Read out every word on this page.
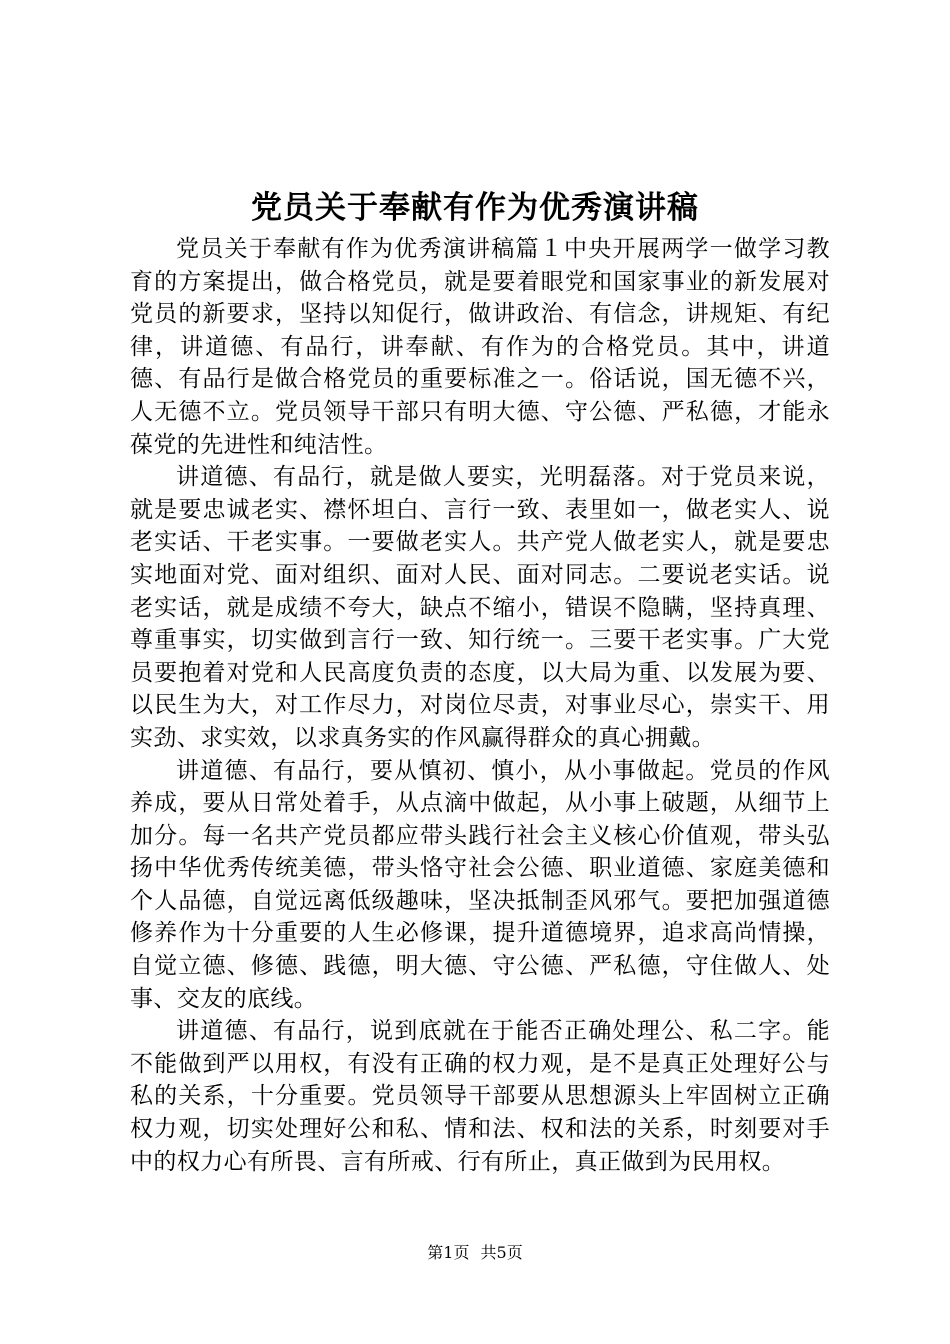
党员关于奉献有作为优秀演讲稿

党员关于奉献有作为优秀演讲稿篇１中央开展两学一做学习教育的方案提出，做合格党员，就是要着眼党和国家事业的新发展对党员的新要求，坚持以知促行，做讲政治、有信念，讲规矩、有纪律，讲道德、有品行，讲奉献、有作为的合格党员。其中，讲道德、有品行是做合格党员的重要标准之一。俗话说，国无德不兴，人无德不立。党员领导干部只有明大德、守公德、严私德，才能永葆党的先进性和纯洁性。

讲道德、有品行，就是做人要实，光明磊落。对于党员来说，就是要忠诚老实、襟怀坦白、言行一致、表里如一，做老实人、说老实话、干老实事。一要做老实人。共产党人做老实人，就是要忠实地面对党、面对组织、面对人民、面对同志。二要说老实话。说老实话，就是成绩不夸大，缺点不缩小，错误不隐瞒，坚持真理、尊重事实，切实做到言行一致、知行统一。三要干老实事。广大党员要抱着对党和人民高度负责的态度，以大局为重、以发展为要、以民生为大，对工作尽力，对岗位尽责，对事业尽心，崇实干、用实劲、求实效，以求真务实的作风赢得群众的真心拥戴。

讲道德、有品行，要从慎初、慎小，从小事做起。党员的作风养成，要从日常处着手，从点滴中做起，从小事上破题，从细节上加分。每一名共产党员都应带头践行社会主义核心价值观，带头弘扬中华优秀传统美德，带头恪守社会公德、职业道德、家庭美德和个人品德，自觉远离低级趣味，坚决抵制歪风邪气。要把加强道德修养作为十分重要的人生必修课，提升道德境界，追求高尚情操，自觉立德、修德、践德，明大德、守公德、严私德，守住做人、处事、交友的底线。

讲道德、有品行，说到底就在于能否正确处理公、私二字。能不能做到严以用权，有没有正确的权力观，是不是真正处理好公与私的关系，十分重要。党员领导干部要从思想源头上牢固树立正确权力观，切实处理好公和私、情和法、权和法的关系，时刻要对手中的权力心有所畏、言有所戒、行有所止，真正做到为民用权。

第1页 共5页
